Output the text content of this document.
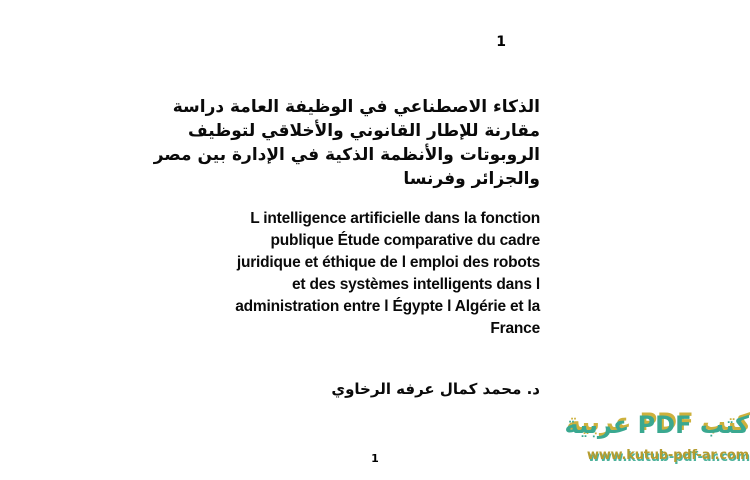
1
الذكاء الاصطناعي في الوظيفة العامة دراسة
مقارنة للإطار القانوني والأخلاقي لتوظيف
الروبوتات والأنظمة الذكية في الإدارة بين مصر
والجزائر وفرنسا
L intelligence artificielle dans la fonction
publique Étude comparative du cadre
juridique et éthique de l emploi des robots
et des systèmes intelligents dans l
administration entre l Égypte l Algérie et la
France
د. محمد كمال عرفه الرخاوي
1
كتب PDF عربية
www.kutub-pdf-ar.com
